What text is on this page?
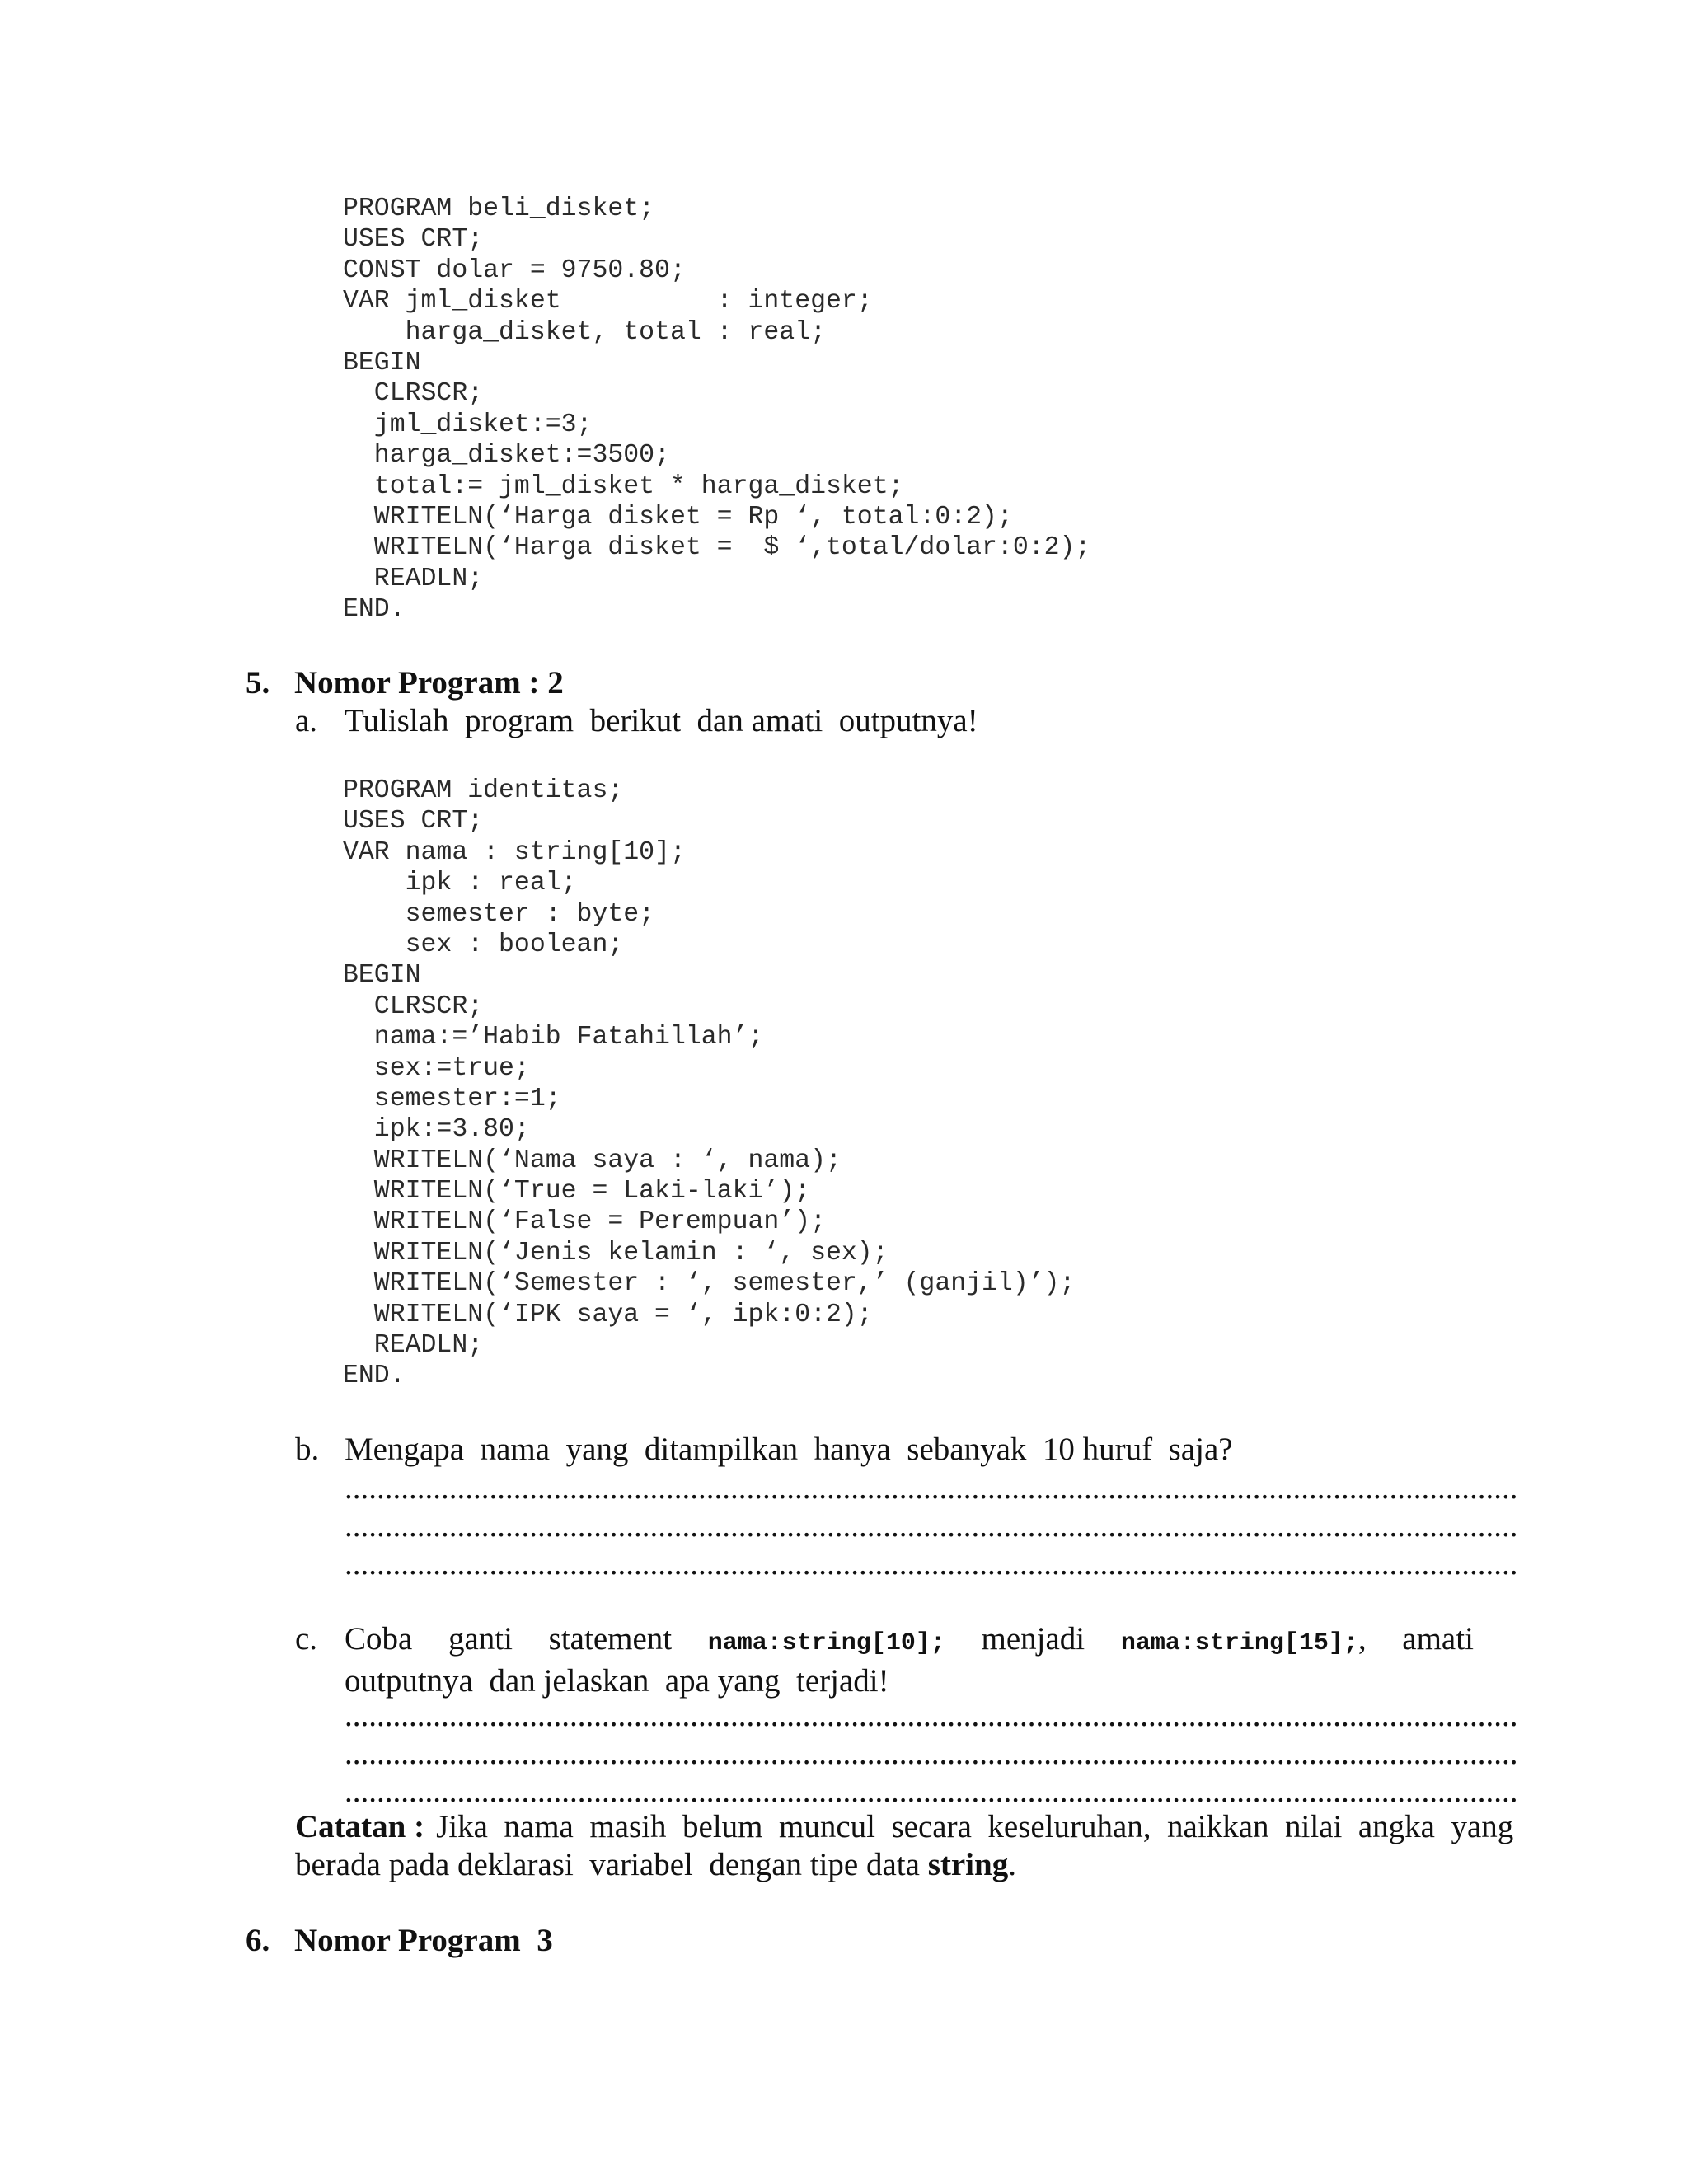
PROGRAM beli_disket;
USES CRT;
CONST dolar = 9750.80;
VAR jml_disket          : integer;
harga_disket, total : real;
BEGIN
CLRSCR;
jml_disket:=3;
harga_disket:=3500;
total:= jml_disket * harga_disket;
WRITELN(‘Harga disket = Rp ‘, total:0:2);
WRITELN(‘Harga disket =  $ ‘,total/dolar:0:2);
READLN;
END.
5. Nomor Program : 2
a. Tulislah  program  berikut  dan amati  outputnya!
PROGRAM identitas;
USES CRT;
VAR nama : string[10];
ipk : real;
semester : byte;
sex : boolean;
BEGIN
CLRSCR;
nama:=’Habib Fatahillah’;
sex:=true;
semester:=1;
ipk:=3.80;
WRITELN(‘Nama saya : ‘, nama);
WRITELN(‘True = Laki-laki’);
WRITELN(‘False = Perempuan’);
WRITELN(‘Jenis kelamin : ‘, sex);
WRITELN(‘Semester : ‘, semester,’ (ganjil)’);
WRITELN(‘IPK saya = ‘, ipk:0:2);
READLN;
END.
b. Mengapa  nama  yang  ditampilkan  hanya  sebanyak  10 huruf  saja?
..................................................................................................................................................
..................................................................................................................................................
..................................................................................................................................................
c. Coba ganti statement nama:string[10]; menjadi nama:string[15];, amati
outputnya  dan jelaskan  apa yang  terjadi!
..................................................................................................................................................
..................................................................................................................................................
..................................................................................................................................................
Catatan : Jika  nama  masih  belum  muncul  secara  keseluruhan,  naikkan  nilai  angka  yang
berada pada deklarasi  variabel  dengan tipe data string.
6. Nomor Program  3
